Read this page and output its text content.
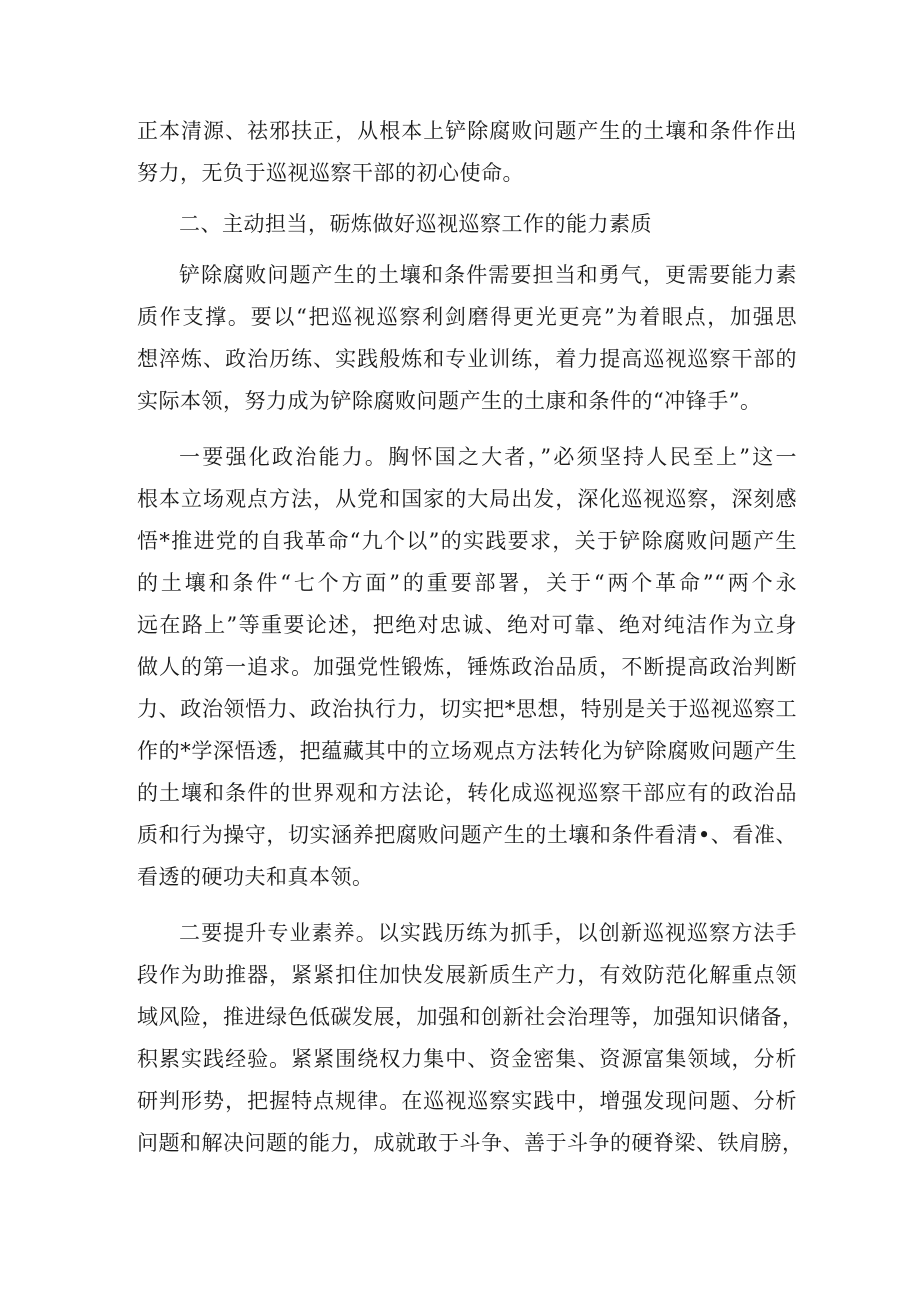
正本清源、祛邪扶正，从根本上铲除腐败问题产生的土壤和条件作出
努力，无负于巡视巡察干部的初心使命。
二、主动担当，砺炼做好巡视巡察工作的能力素质
铲除腐败问题产生的土壤和条件需要担当和勇气，更需要能力素
质作支撑。要以“把巡视巡察利剑磨得更光更亮”为着眼点，加强思
想淬炼、政治历练、实践般炼和专业训练，着力提高巡视巡察干部的
实际本领，努力成为铲除腐败问题产生的土康和条件的“冲锋手”。
一要强化政治能力。胸怀国之大者，”必须坚持人民至上”这一
根本立场观点方法，从党和国家的大局出发，深化巡视巡察，深刻感
悟*推进党的自我革命“九个以”的实践要求，关于铲除腐败问题产生
的土壤和条件“七个方面”的重要部署，关于“两个革命”“两个永
远在路上”等重要论述，把绝对忠诚、绝对可靠、绝对纯洁作为立身
做人的第一追求。加强党性锻炼，锤炼政治品质，不断提高政治判断
力、政治领悟力、政治执行力，切实把*思想，特别是关于巡视巡察工
作的*学深悟透，把蕴藏其中的立场观点方法转化为铲除腐败问题产生
的土壤和条件的世界观和方法论，转化成巡视巡察干部应有的政治品
质和行为操守，切实涵养把腐败问题产生的土壤和条件看清•、看准、
看透的硬功夫和真本领。
二要提升专业素养。以实践历练为抓手，以创新巡视巡察方法手
段作为助推器，紧紧扣住加快发展新质生产力，有效防范化解重点领
域风险，推进绿色低碳发展，加强和创新社会治理等，加强知识储备，
积累实践经验。紧紧围绕权力集中、资金密集、资源富集领域，分析
研判形势，把握特点规律。在巡视巡察实践中，增强发现问题、分析
问题和解决问题的能力，成就敢于斗争、善于斗争的硬脊梁、铁肩膀，
